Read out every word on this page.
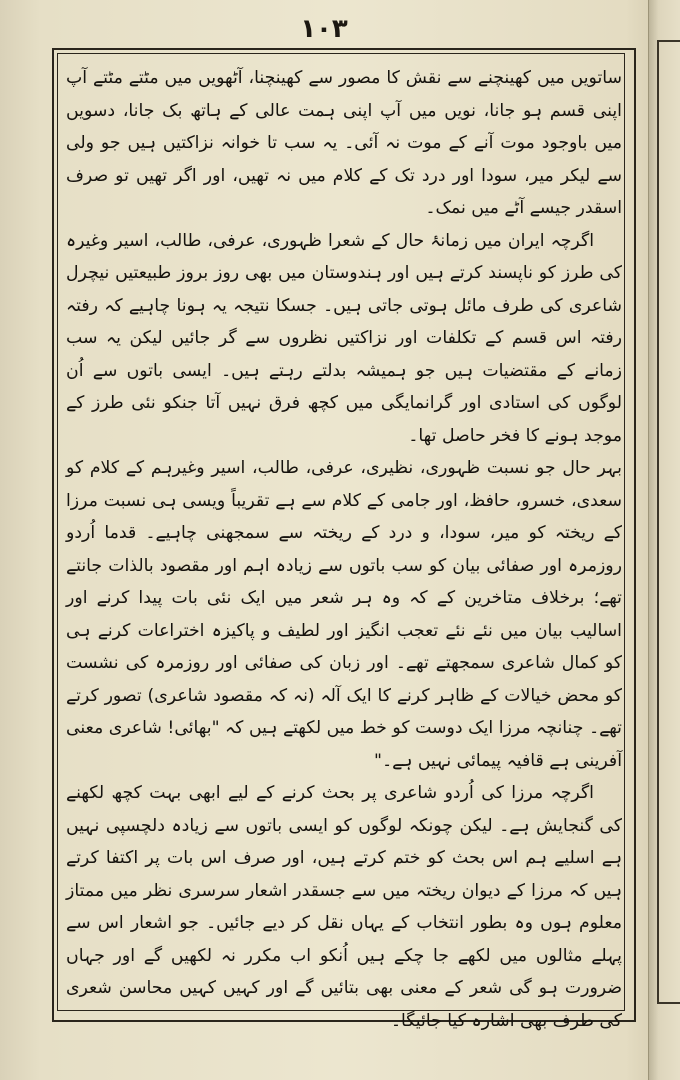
١٠٣

ساتویں میں کھینچنے سے نقش کا مصور سے کھینچنا، آٹھویں میں مٹتے مٹتے آپ اپنی قسم ہو جانا، نویں میں آپ اپنی ہمت عالی کے ہاتھ بک جانا، دسویں میں باوجود موت آنے کے موت نہ آئی۔ یہ سب تا خوانہ نزاکتیں ہیں جو ولی سے لیکر میر، سودا اور درد تک کے کلام میں نہ تھیں، اور اگر تھیں تو صرف اسقدر جیسے آٹے میں نمک۔

اگرچہ ایران میں زمانۂ حال کے شعرا ظہوری، عرفی، طالب، اسیر وغیرہ کی طرز کو ناپسند کرتے ہیں اور ہندوستان میں بھی روز بروز طبیعتیں نیچرل شاعری کی طرف مائل ہوتی جاتی ہیں۔ جسکا نتیجہ یہ ہونا چاہیے کہ رفتہ رفتہ اس قسم کے تکلفات اور نزاکتیں نظروں سے گر جائیں لیکن یہ سب زمانے کے مقتضیات ہیں جو ہمیشہ بدلتے رہتے ہیں۔ ایسی باتوں سے اُن لوگوں کی استادی اور گرانمایگی میں کچھ فرق نہیں آتا جنکو نئی طرز کے موجد ہونے کا فخر حاصل تھا۔

بہر حال جو نسبت ظہوری، نظیری، عرفی، طالب، اسیر وغیرہم کے کلام کو سعدی، خسرو، حافظ، اور جامی کے کلام سے ہے تقریباً ویسی ہی نسبت مرزا کے ریختہ کو میر، سودا، و درد کے ریختہ سے سمجھنی چاہیے۔ قدما اُردو روزمرہ اور صفائی بیان کو سب باتوں سے زیادہ اہم اور مقصود بالذات جانتے تھے؛ برخلاف متاخرین کے کہ وہ ہر شعر میں ایک نئی بات پیدا کرنے اور اسالیب بیان میں نئے نئے تعجب انگیز اور لطیف و پاکیزہ اختراعات کرنے ہی کو کمال شاعری سمجھتے تھے۔ اور زبان کی صفائی اور روزمرہ کی نشست کو محض خیالات کے ظاہر کرنے کا ایک آلہ (نہ کہ مقصود شاعری) تصور کرتے تھے۔ چنانچہ مرزا ایک دوست کو خط میں لکھتے ہیں کہ "بھائی! شاعری معنی آفرینی ہے قافیہ پیمائی نہیں ہے۔"

اگرچہ مرزا کی اُردو شاعری پر بحث کرنے کے لیے ابھی بہت کچھ لکھنے کی گنجایش ہے۔ لیکن چونکہ لوگوں کو ایسی باتوں سے زیادہ دلچسپی نہیں ہے اسلیے ہم اس بحث کو ختم کرتے ہیں، اور صرف اس بات پر اکتفا کرتے ہیں کہ مرزا کے دیوان ریختہ میں سے جسقدر اشعار سرسری نظر میں ممتاز معلوم ہوں وہ بطور انتخاب کے یہاں نقل کر دیے جائیں۔ جو اشعار اس سے پہلے مثالوں میں لکھے جا چکے ہیں اُنکو اب مکرر نہ لکھیں گے اور جہاں ضرورت ہو گی شعر کے معنی بھی بتائیں گے اور کہیں کہیں محاسن شعری کی طرف بھی اشارہ کیا جائیگا۔
